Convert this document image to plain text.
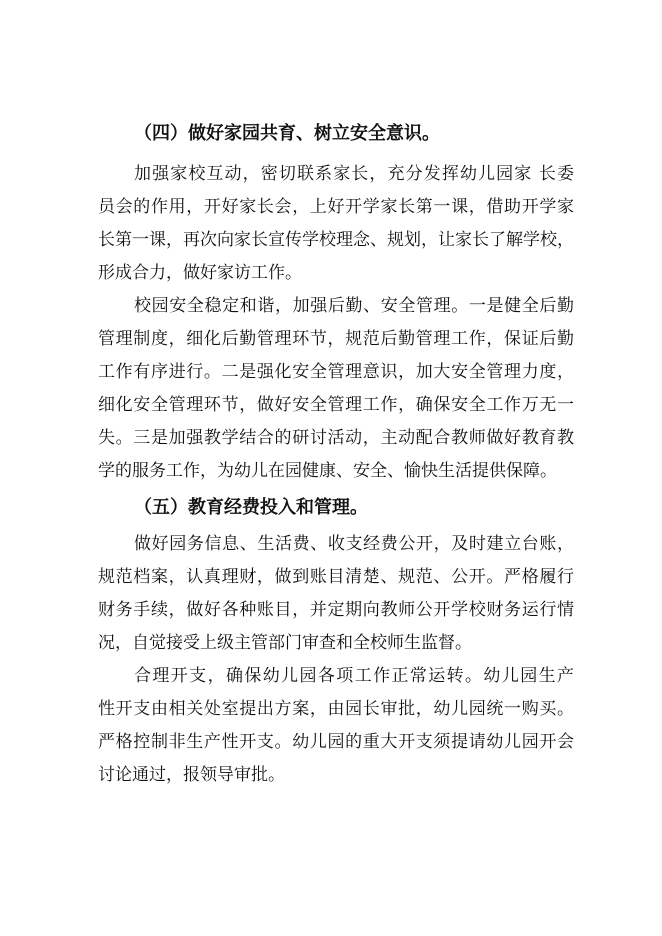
（四）做好家园共育、树立安全意识。

加强家校互动，密切联系家长，充分发挥幼儿园家 长委
员会的作用，开好家长会，上好开学家长第一课，借助开学家
长第一课，再次向家长宣传学校理念、规划，让家长了解学校，
形成合力，做好家访工作。

校园安全稳定和谐，加强后勤、安全管理。一是健全后勤
管理制度，细化后勤管理环节，规范后勤管理工作，保证后勤
工作有序进行。二是强化安全管理意识，加大安全管理力度，
细化安全管理环节，做好安全管理工作，确保安全工作万无一
失。三是加强教学结合的研讨活动，主动配合教师做好教育教
学的服务工作，为幼儿在园健康、安全、愉快生活提供保障。

（五）教育经费投入和管理。

做好园务信息、生活费、收支经费公开，及时建立台账，
规范档案，认真理财，做到账目清楚、规范、公开。严格履行
财务手续，做好各种账目，并定期向教师公开学校财务运行情
况，自觉接受上级主管部门审查和全校师生监督。

合理开支，确保幼儿园各项工作正常运转。幼儿园生产
性开支由相关处室提出方案，由园长审批，幼儿园统一购买。
严格控制非生产性开支。幼儿园的重大开支须提请幼儿园开会
讨论通过，报领导审批。
